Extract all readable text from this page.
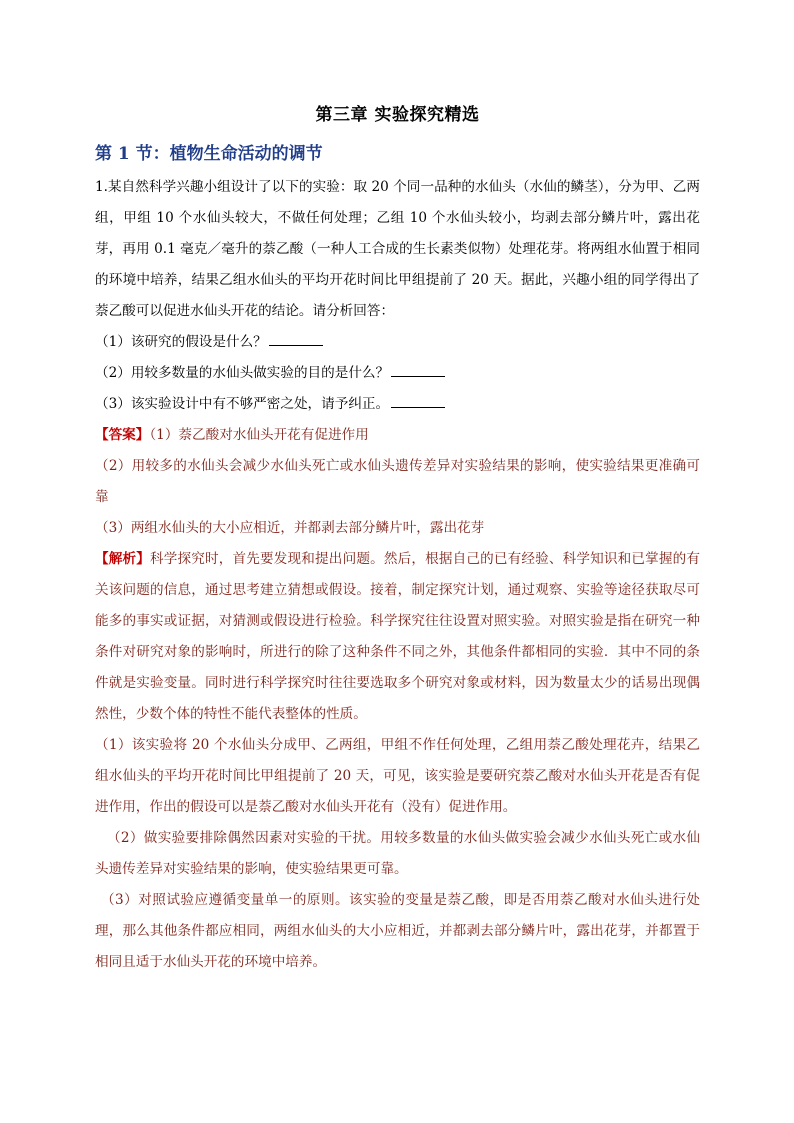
第三章 实验探究精选
第 1 节：植物生命活动的调节

1.某自然科学兴趣小组设计了以下的实验：取 20 个同一品种的水仙头（水仙的鳞茎），分为甲、乙两组，甲组 10 个水仙头较大，不做任何处理；乙组 10 个水仙头较小，均剥去部分鳞片叶，露出花芽，再用 0.1 毫克／毫升的萘乙酸（一种人工合成的生长素类似物）处理花芽。将两组水仙置于相同的环境中培养，结果乙组水仙头的平均开花时间比甲组提前了 20 天。据此，兴趣小组的同学得出了萘乙酸可以促进水仙头开花的结论。请分析回答：

（1）该研究的假设是什么？
（2）用较多数量的水仙头做实验的目的是什么？
（3）该实验设计中有不够严密之处，请予纠正。

【答案】（1）萘乙酸对水仙头开花有促进作用

（2）用较多的水仙头会减少水仙头死亡或水仙头遗传差异对实验结果的影响，使实验结果更准确可靠

（3）两组水仙头的大小应相近，并都剥去部分鳞片叶，露出花芽

【解析】科学探究时，首先要发现和提出问题。然后，根据自己的已有经验、科学知识和已掌握的有关该问题的信息，通过思考建立猜想或假设。接着，制定探究计划，通过观察、实验等途径获取尽可能多的事实或证据，对猜测或假设进行检验。科学探究往往设置对照实验。对照实验是指在研究一种条件对研究对象的影响时，所进行的除了这种条件不同之外，其他条件都相同的实验．其中不同的条件就是实验变量。同时进行科学探究时往往要选取多个研究对象或材料，因为数量太少的话易出现偶然性，少数个体的特性不能代表整体的性质。

（1）该实验将 20 个水仙头分成甲、乙两组，甲组不作任何处理，乙组用萘乙酸处理花卉，结果乙组水仙头的平均开花时间比甲组提前了 20 天，可见，该实验是要研究萘乙酸对水仙头开花是否有促进作用，作出的假设可以是萘乙酸对水仙头开花有（没有）促进作用。

（2）做实验要排除偶然因素对实验的干扰。用较多数量的水仙头做实验会减少水仙头死亡或水仙头遗传差异对实验结果的影响，使实验结果更可靠。

（3）对照试验应遵循变量单一的原则。该实验的变量是萘乙酸，即是否用萘乙酸对水仙头进行处理，那么其他条件都应相同，两组水仙头的大小应相近，并都剥去部分鳞片叶，露出花芽，并都置于相同且适于水仙头开花的环境中培养。
